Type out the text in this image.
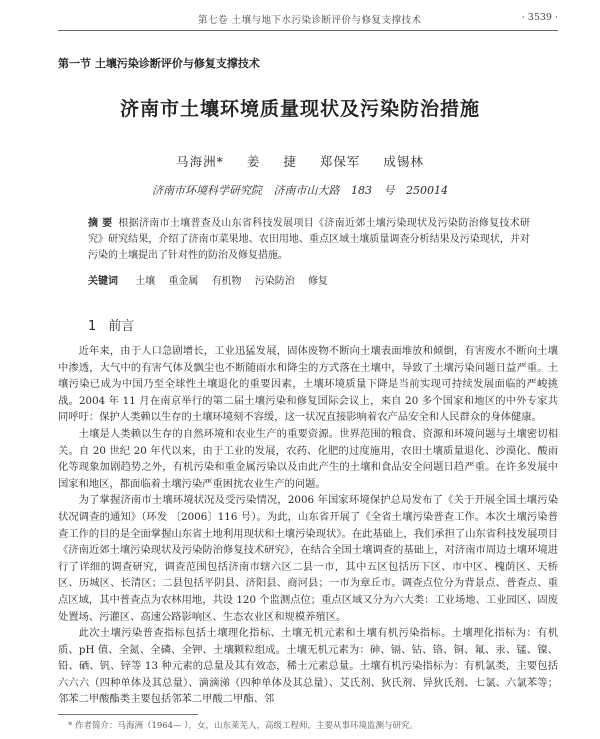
第七卷 土壤与地下水污染诊断评价与修复支撑技术	· 3539 ·
第一节 土壤污染诊断评价与修复支撑技术
济南市土壤环境质量现状及污染防治措施
马海洲* 姜 捷 郑保军 成锡林
济南市环境科学研究院 济南市山大路 183 号 250014
摘 要 根据济南市土壤普查及山东省科技发展项目《济南近郊土壤污染现状及污染防治修复技术研究》研究结果，介绍了济南市菜果地、农田用地、重点区域土壤质量调查分析结果及污染现状，并对污染的土壤提出了针对性的防治及修复措施。
关键词 土壤 重金属 有机物 污染防治 修复
1 前言

近年来，由于人口急剧增长，工业迅猛发展，固体废物不断向土壤表面堆放和倾倒，有害废水不断向土壤中渗透，大气中的有害气体及飘尘也不断随雨水和降尘的方式落在土壤中，导致了土壤污染问题日益严重。土壤污染已成为中国乃至全球性土壤退化的重要因素，土壤环境质量下降是当前实现可持续发展面临的严峻挑战。2004 年 11 月在南京举行的第二届土壤污染和修复国际会议上，来自 20 多个国家和地区的中外专家共同呼吁：保护人类赖以生存的土壤环境刻不容缓，这一状况直接影响着农产品安全和人民群众的身体健康。

土壤是人类赖以生存的自然环境和农业生产的重要资源。世界范围的粮食、资源和环境问题与土壤密切相关。自 20 世纪 20 年代以来，由于工业的发展，农药、化肥的过度施用，农田土壤质量退化、沙漠化、酸雨化等现象加剧趋势之外，有机污染和重金属污染以及由此产生的土壤和食品安全问题日趋严重。在许多发展中国家和地区，都面临着土壤污染严重困扰农业生产的问题。

为了掌握济南市土壤环境状况及受污染情况，2006 年国家环境保护总局发布了《关于开展全国土壤污染状况调查的通知》（环发 〔2006〕116 号）。为此，山东省开展了《全省土壤污染普查工作。本次土壤污染普查工作的目的是全面掌握山东省土地利用现状和土壤污染现状》。在此基础上，我们承担了山东省科技发展项目《济南近郊土壤污染现状及污染防治修复技术研究》，在结合全国土壤调查的基础上，对济南市周边土壤环境进行了详细的调查研究，调查范围包括济南市辖六区二县一市，其中五区包括历下区、市中区、槐荫区、天桥区、历城区、长清区；二县包括平阴县、济阳县、商河县；一市为章丘市。调查点位分为背景点、普查点、重点区域，其中普查点为农林用地，共设 120 个监测点位；重点区域又分为六大类：工业场地、工业园区、固废处置场、污灌区、高速公路影响区、生态农业区和规模养殖区。

此次土壤污染普查指标包括土壤理化指标、土壤无机元素和土壤有机污染指标。土壤理化指标为：有机质、pH 值、全氮、全磷、全钾、土壤颗粒组成。土壤无机元素为：砷、镉、钴、铬、铜、氟、汞、锰、镍、铅、硒、钒、锌等 13 种元素的总量及其有效态，稀土元素总量。土壤有机污染指标为：有机氯类，主要包括六六六（四种单体及其总量）、滴滴涕（四种单体及其总量）、艾氏剂、狄氏剂、异狄氏剂、七氯、六氯苯等；邻苯二甲酸酯类主要包括邻苯二甲酸二甲酯、邻

* 作者简介：马海洲（1964— ），女，山东莱芜人，高级工程师，主要从事环境监测与研究。
